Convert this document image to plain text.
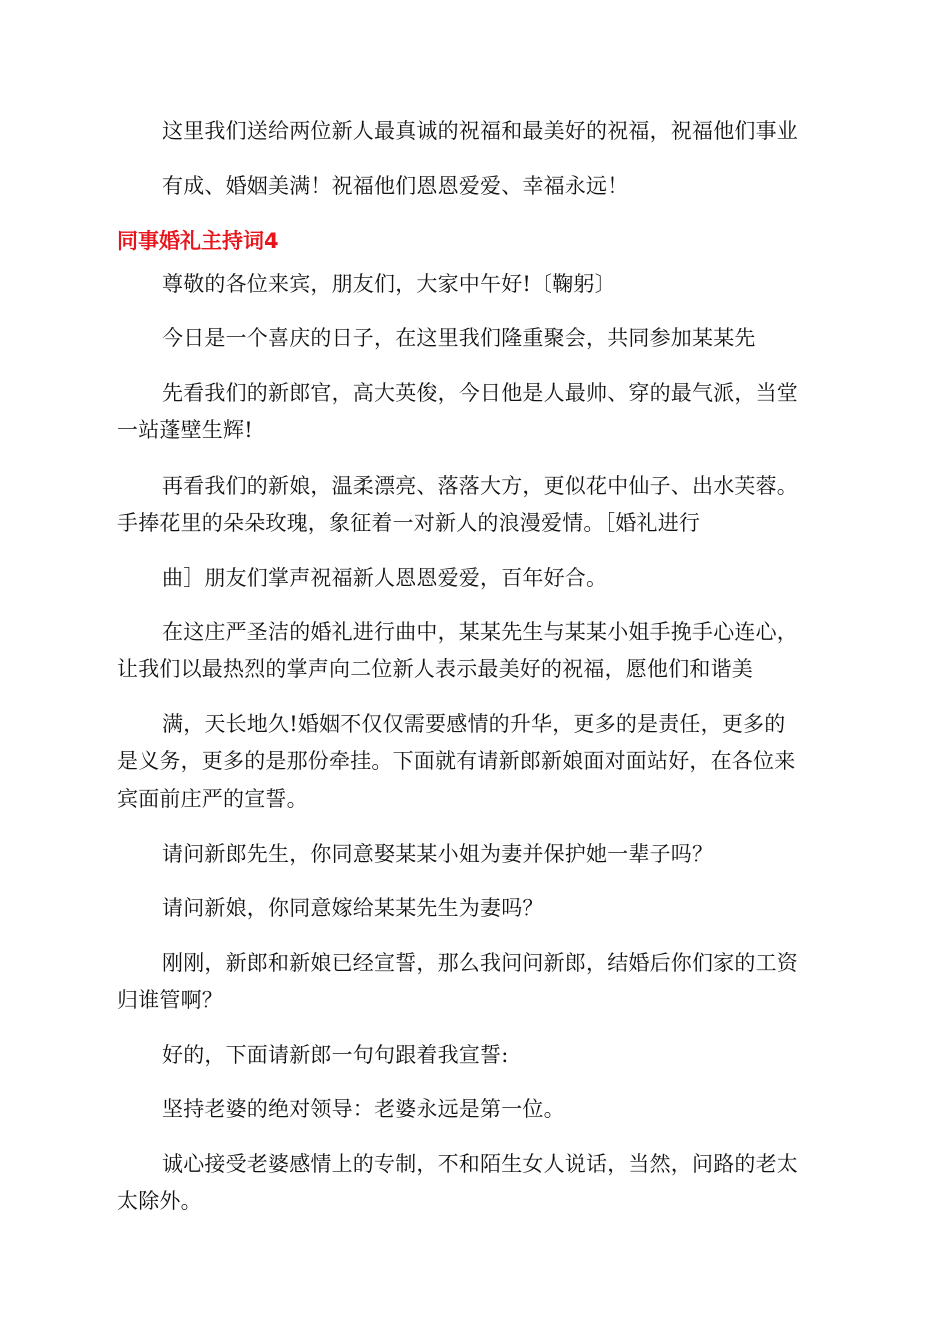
这里我们送给两位新人最真诚的祝福和最美好的祝福，祝福他们事业
有成、婚姻美满！祝福他们恩恩爱爱、幸福永远！
同事婚礼主持词4
尊敬的各位来宾，朋友们，大家中午好!〔鞠躬〕
今日是一个喜庆的日子，在这里我们隆重聚会，共同参加某某先
先看我们的新郎官，高大英俊，今日他是人最帅、穿的最气派，当堂
一站蓬壁生辉!
再看我们的新娘，温柔漂亮、落落大方，更似花中仙子、出水芙蓉。
手捧花里的朵朵玫瑰，象征着一对新人的浪漫爱情。［婚礼进行
曲］朋友们掌声祝福新人恩恩爱爱，百年好合。
在这庄严圣洁的婚礼进行曲中，某某先生与某某小姐手挽手心连心，
让我们以最热烈的掌声向二位新人表示最美好的祝福，愿他们和谐美
满，天长地久!婚姻不仅仅需要感情的升华，更多的是责任，更多的
是义务，更多的是那份牵挂。下面就有请新郎新娘面对面站好，在各位来
宾面前庄严的宣誓。
请问新郎先生，你同意娶某某小姐为妻并保护她一辈子吗？
请问新娘，你同意嫁给某某先生为妻吗？
刚刚，新郎和新娘已经宣誓，那么我问问新郎，结婚后你们家的工资
归谁管啊？
好的，下面请新郎一句句跟着我宣誓:
坚持老婆的绝对领导：老婆永远是第一位。
诚心接受老婆感情上的专制，不和陌生女人说话，当然，问路的老太
太除外。
